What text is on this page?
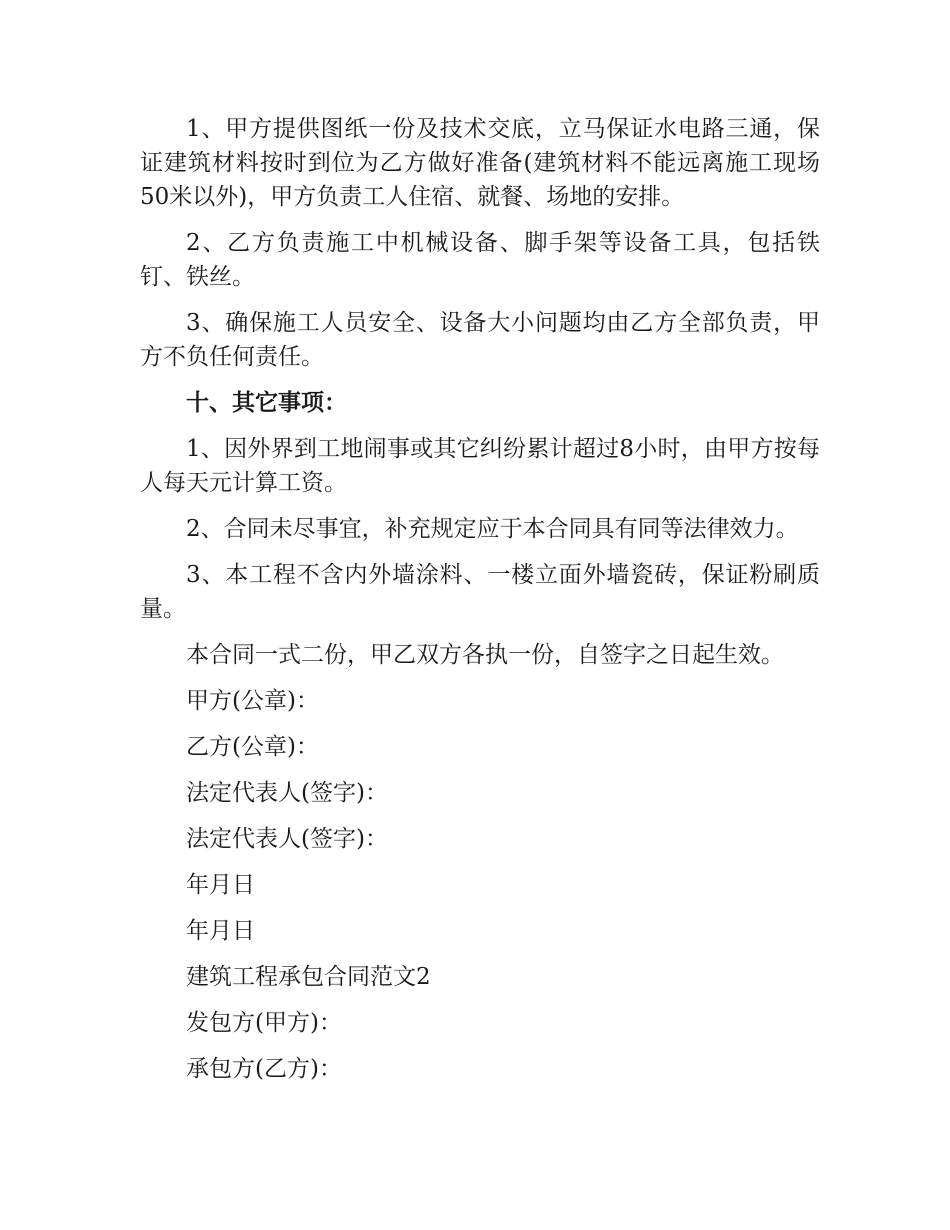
1、甲方提供图纸一份及技术交底，立马保证水电路三通，保证建筑材料按时到位为乙方做好准备(建筑材料不能远离施工现场50米以外)，甲方负责工人住宿、就餐、场地的安排。

2、乙方负责施工中机械设备、脚手架等设备工具，包括铁钉、铁丝。

3、确保施工人员安全、设备大小问题均由乙方全部负责，甲方不负任何责任。

十、其它事项：

1、因外界到工地闹事或其它纠纷累计超过8小时，由甲方按每人每天元计算工资。

2、合同未尽事宜，补充规定应于本合同具有同等法律效力。

3、本工程不含内外墙涂料、一楼立面外墙瓷砖，保证粉刷质量。

本合同一式二份，甲乙双方各执一份，自签字之日起生效。

甲方(公章)：

乙方(公章)：

法定代表人(签字)：

法定代表人(签字)：

年月日

年月日

建筑工程承包合同范文2

发包方(甲方)：

承包方(乙方)：
